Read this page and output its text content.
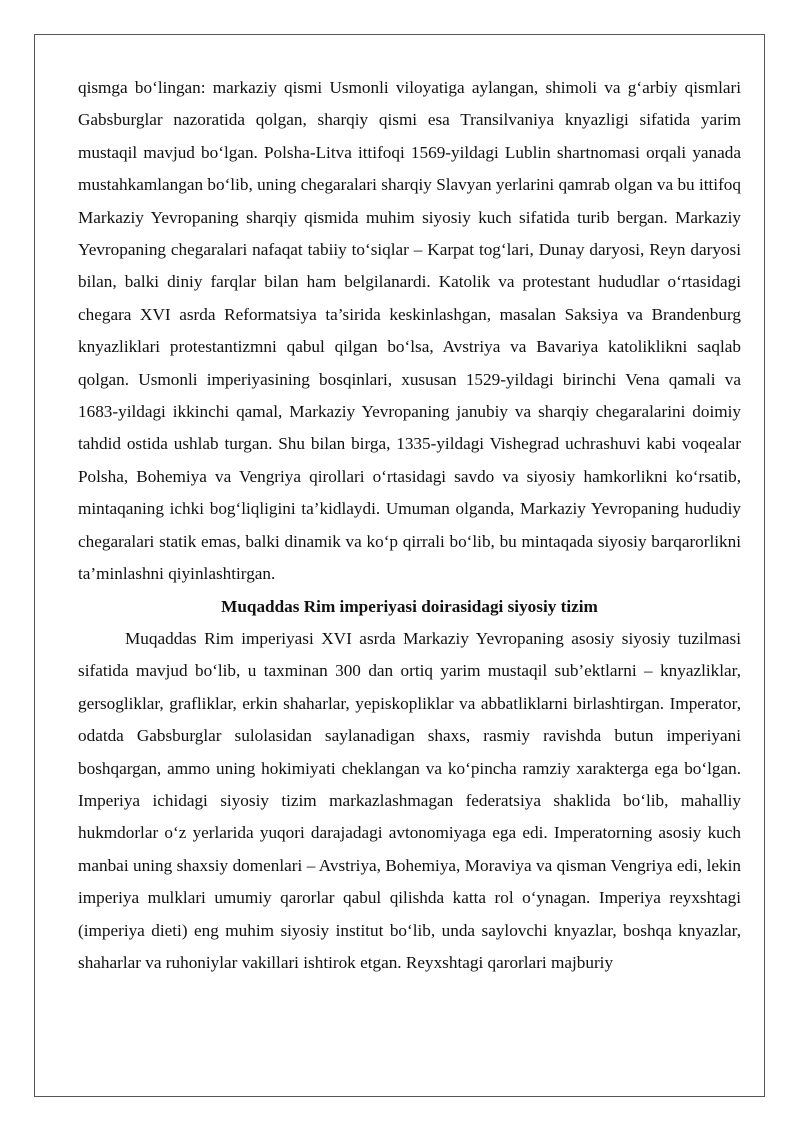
qismga bo‘lingan: markaziy qismi Usmonli viloyatiga aylangan, shimoli va g‘arbiy qismlari Gabsburglar nazoratida qolgan, sharqiy qismi esa Transilvaniya knyazligi sifatida yarim mustaqil mavjud bo‘lgan. Polsha-Litva ittifoqi 1569-yildagi Lublin shartnomasi orqali yanada mustahkamlangan bo‘lib, uning chegaralari sharqiy Slavyan yerlarini qamrab olgan va bu ittifoq Markaziy Yevropaning sharqiy qismida muhim siyosiy kuch sifatida turib bergan. Markaziy Yevropaning chegaralari nafaqat tabiiy to‘siqlar – Karpat tog‘lari, Dunay daryosi, Reyn daryosi bilan, balki diniy farqlar bilan ham belgilanardi. Katolik va protestant hududlar o‘rtasidagi chegara XVI asrda Reformatsiya ta’sirida keskinlashgan, masalan Saksiya va Brandenburg knyazliklari protestantizmni qabul qilgan bo‘lsa, Avstriya va Bavariya katoliklikni saqlab qolgan. Usmonli imperiyasining bosqinlari, xususan 1529-yildagi birinchi Vena qamali va 1683-yildagi ikkinchi qamal, Markaziy Yevropaning janubiy va sharqiy chegaralarini doimiy tahdid ostida ushlab turgan. Shu bilan birga, 1335-yildagi Vishegrad uchrashuvi kabi voqealar Polsha, Bohemiya va Vengriya qirollari o‘rtasidagi savdo va siyosiy hamkorlikni ko‘rsatib, mintaqaning ichki bog‘liqligini ta’kidlaydi. Umuman olganda, Markaziy Yevropaning hududiy chegaralari statik emas, balki dinamik va ko‘p qirrali bo‘lib, bu mintaqada siyosiy barqarorlikni ta’minlashni qiyinlashtirgan.

Muqaddas Rim imperiyasi doirasidagi siyosiy tizim

Muqaddas Rim imperiyasi XVI asrda Markaziy Yevropaning asosiy siyosiy tuzilmasi sifatida mavjud bo‘lib, u taxminan 300 dan ortiq yarim mustaqil sub’ektlarni – knyazliklar, gersogliklar, grafliklar, erkin shaharlar, yepiskopliklar va abbatliklarni birlashtirgan. Imperator, odatda Gabsburglar sulolasidan saylanadigan shaxs, rasmiy ravishda butun imperiyani boshqargan, ammo uning hokimiyati cheklangan va ko‘pincha ramziy xarakterga ega bo‘lgan. Imperiya ichidagi siyosiy tizim markazlashmagan federatsiya shaklida bo‘lib, mahalliy hukmdorlar o‘z yerlarida yuqori darajadagi avtonomiyaga ega edi. Imperatorning asosiy kuch manbai uning shaxsiy domenlari – Avstriya, Bohemiya, Moraviya va qisman Vengriya edi, lekin imperiya mulklari umumiy qarorlar qabul qilishda katta rol o‘ynagan. Imperiya reyxshtagi (imperiya dieti) eng muhim siyosiy institut bo‘lib, unda saylovchi knyazlar, boshqa knyazlar, shaharlar va ruhoniylar vakillari ishtirok etgan. Reyxshtagi qarorlari majburiy
